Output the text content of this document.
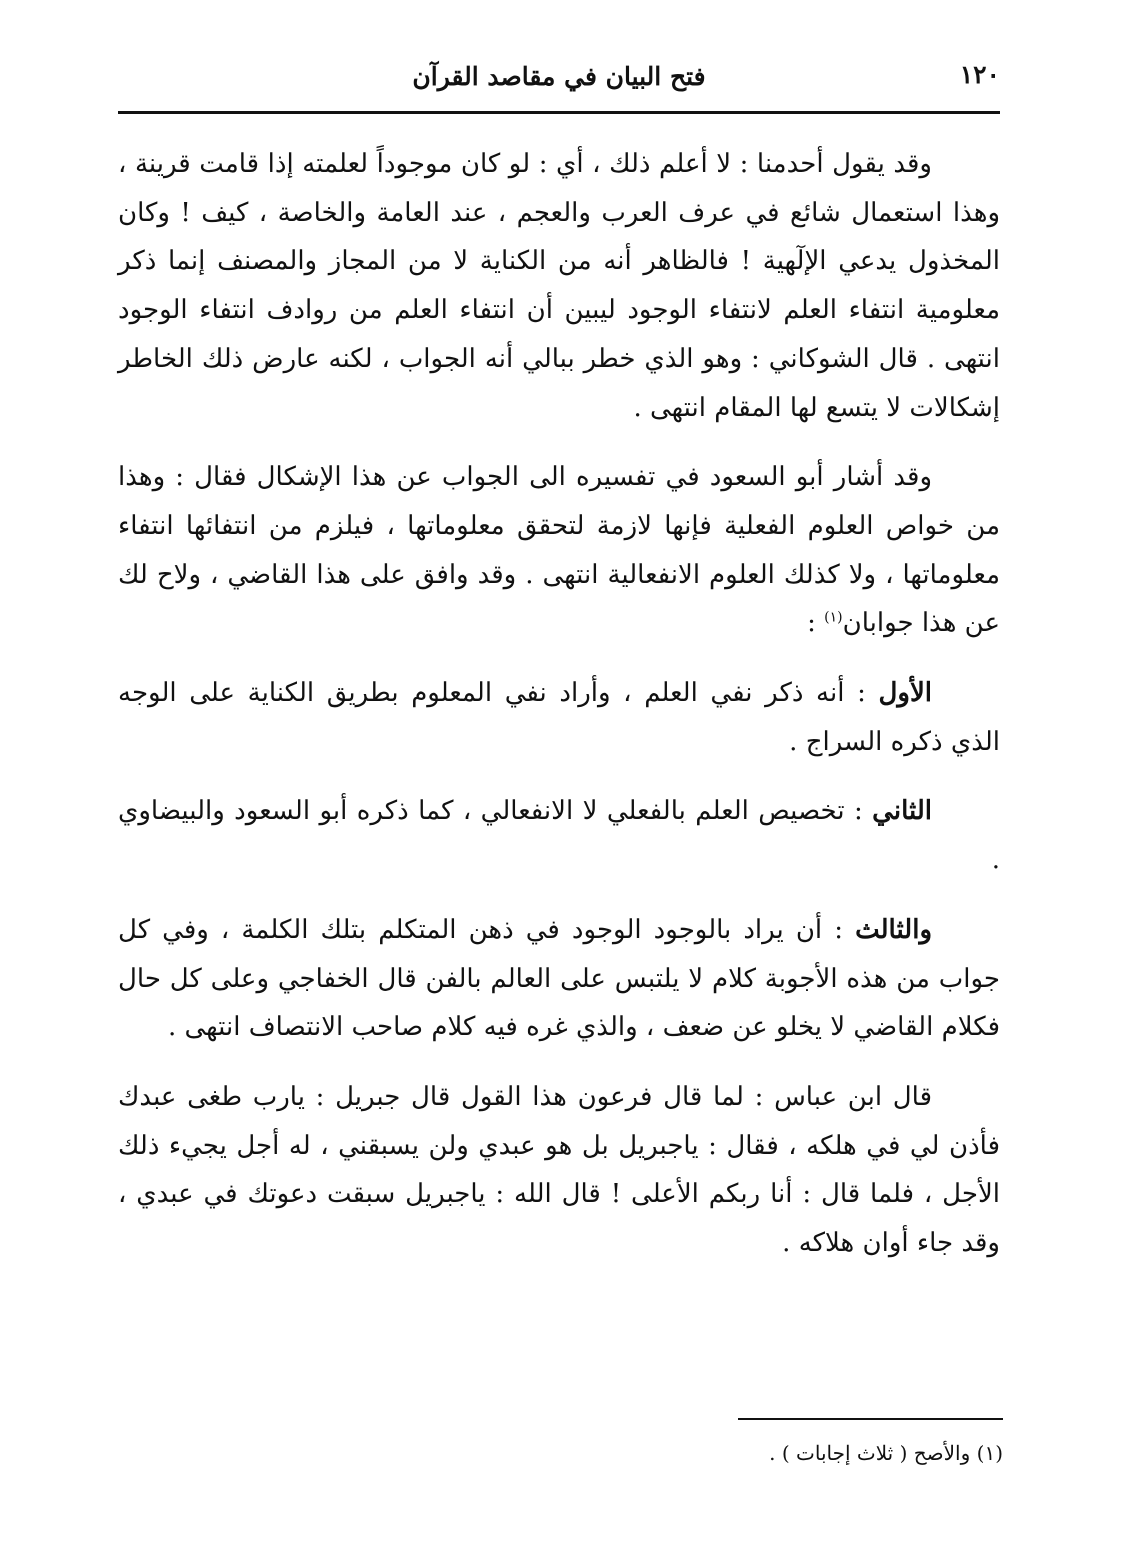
١٢٠
فتح البيان في مقاصد القرآن

وقد يقول أحدمنا : لا أعلم ذلك ، أي : لو كان موجوداً لعلمته إذا قامت قرينة ، وهذا استعمال شائع في عرف العرب والعجم ، عند العامة والخاصة ، كيف ! وكان المخذول يدعي الإلٓهية ! فالظاهر أنه من الكناية لا من المجاز والمصنف إنما ذكر معلومية انتفاء العلم لانتفاء الوجود ليبين أن انتفاء العلم من روادف انتفاء الوجود انتهى . قال الشوكاني : وهو الذي خطر ببالي أنه الجواب ، لكنه عارض ذلك الخاطر إشكالات لا يتسع لها المقام انتهى .

وقد أشار أبو السعود في تفسيره الى الجواب عن هذا الإشكال فقال : وهذا من خواص العلوم الفعلية فإنها لازمة لتحقق معلوماتها ، فيلزم من انتفائها انتفاء معلوماتها ، ولا كذلك العلوم الانفعالية انتهى . وقد وافق على هذا القاضي ، ولاح لك عن هذا جوابان$^{(١)}$ :

الأول : أنه ذكر نفي العلم ، وأراد نفي المعلوم بطريق الكناية على الوجه الذي ذكره السراج .

الثاني : تخصيص العلم بالفعلي لا الانفعالي ، كما ذكره أبو السعود والبيضاوي .

والثالث : أن يراد بالوجود الوجود في ذهن المتكلم بتلك الكلمة ، وفي كل جواب من هذه الأجوبة كلام لا يلتبس على العالم بالفن قال الخفاجي وعلى كل حال فكلام القاضي لا يخلو عن ضعف ، والذي غره فيه كلام صاحب الانتصاف انتهى .

قال ابن عباس : لما قال فرعون هذا القول قال جبريل : يارب طغى عبدك فأذن لي في هلكه ، فقال : ياجبريل بل هو عبدي ولن يسبقني ، له أجل يجيء ذلك الأجل ، فلما قال : أنا ربكم الأعلى ! قال الله : ياجبريل سبقت دعوتك في عبدي ، وقد جاء أوان هلاكه .

(١) والأصح ( ثلاث إجابات ) .
